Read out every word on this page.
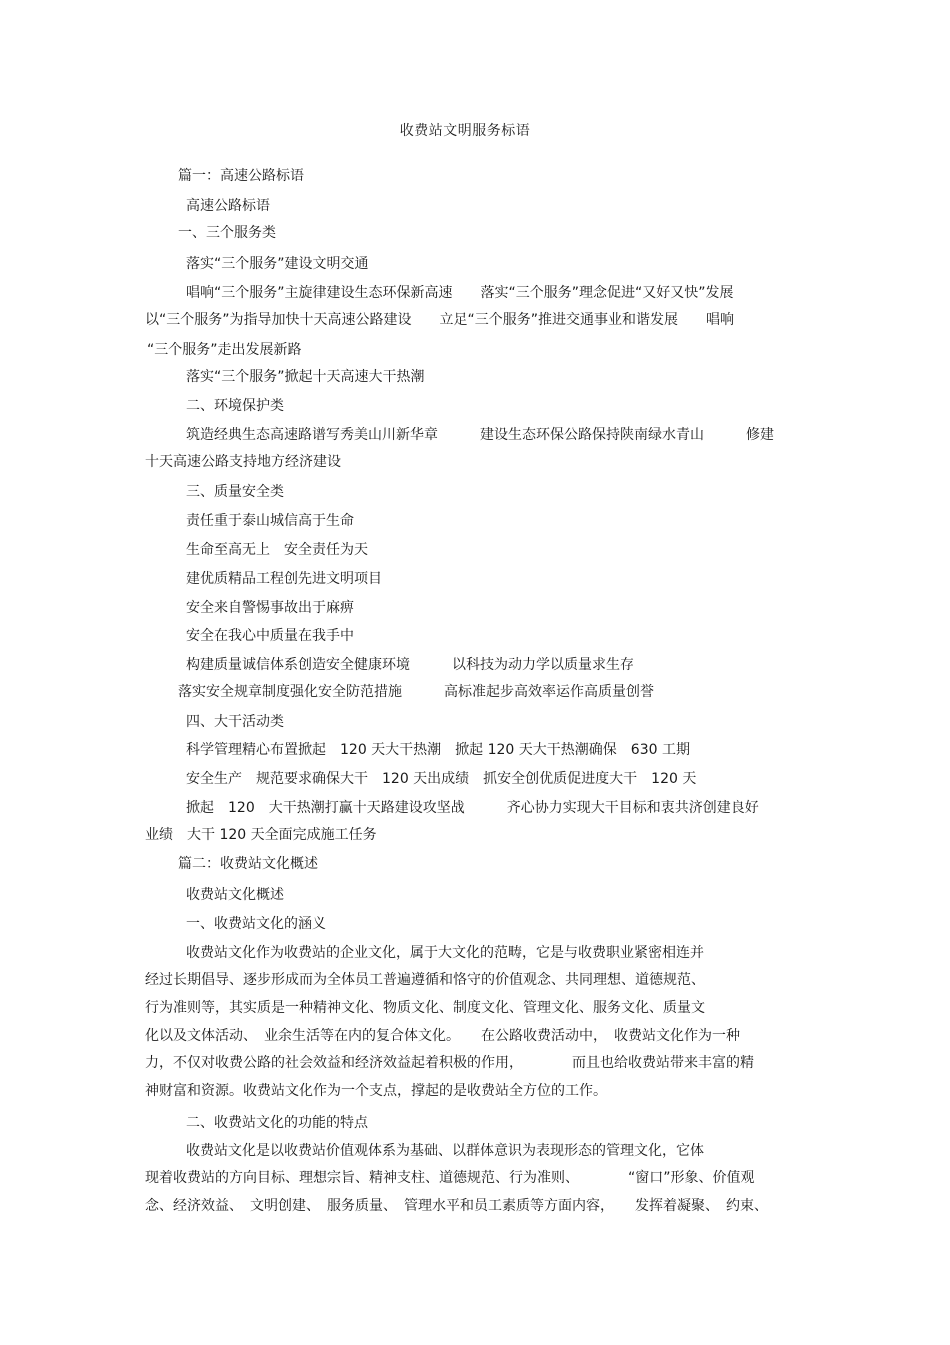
收费站文明服务标语
篇一：高速公路标语
高速公路标语
一、三个服务类
落实“三个服务”建设文明交通
唱响“三个服务”主旋律建设生态环保新高速　　落实“三个服务”理念促进“又好又快”发展
以“三个服务”为指导加快十天高速公路建设　　立足“三个服务”推进交通事业和谐发展　　唱响
“三个服务”走出发展新路
落实“三个服务”掀起十天高速大干热潮
二、环境保护类
筑造经典生态高速路谱写秀美山川新华章　　　建设生态环保公路保持陕南绿水青山　　　修建
十天高速公路支持地方经济建设
三、质量安全类
责任重于泰山城信高于生命
生命至高无上　安全责任为天
建优质精品工程创先进文明项目
安全来自警惕事故出于麻痹
安全在我心中质量在我手中
构建质量诚信体系创造安全健康环境　　　以科技为动力学以质量求生存
落实安全规章制度强化安全防范措施　　　高标准起步高效率运作高质量创誉
四、大干活动类
科学管理精心布置掀起　120 天大干热潮　掀起 120 天大干热潮确保　630 工期
安全生产　规范要求确保大干　120 天出成绩　抓安全创优质促进度大干　120 天
掀起　120　大干热潮打赢十天路建设攻坚战　　　齐心协力实现大干目标和衷共济创建良好
业绩　大干 120 天全面完成施工任务
篇二：收费站文化概述
收费站文化概述
一、收费站文化的涵义
收费站文化作为收费站的企业文化，属于大文化的范畴，它是与收费职业紧密相连并
经过长期倡导、逐步形成而为全体员工普遍遵循和恪守的价值观念、共同理想、道德规范、
行为准则等，其实质是一种精神文化、物质文化、制度文化、管理文化、服务文化、质量文
化以及文体活动、　业余生活等在内的复合体文化。　　在公路收费活动中，　收费站文化作为一种
力，不仅对收费公路的社会效益和经济效益起着积极的作用，　　　　而且也给收费站带来丰富的精
神财富和资源。收费站文化作为一个支点，撑起的是收费站全方位的工作。
二、收费站文化的功能的特点
收费站文化是以收费站价值观体系为基础、以群体意识为表现形态的管理文化，它体
现着收费站的方向目标、理想宗旨、精神支柱、道德规范、行为准则、　　　　“窗口”形象、价值观
念、经济效益、　文明创建、　服务质量、　管理水平和员工素质等方面内容，　　发挥着凝聚、　约束、
